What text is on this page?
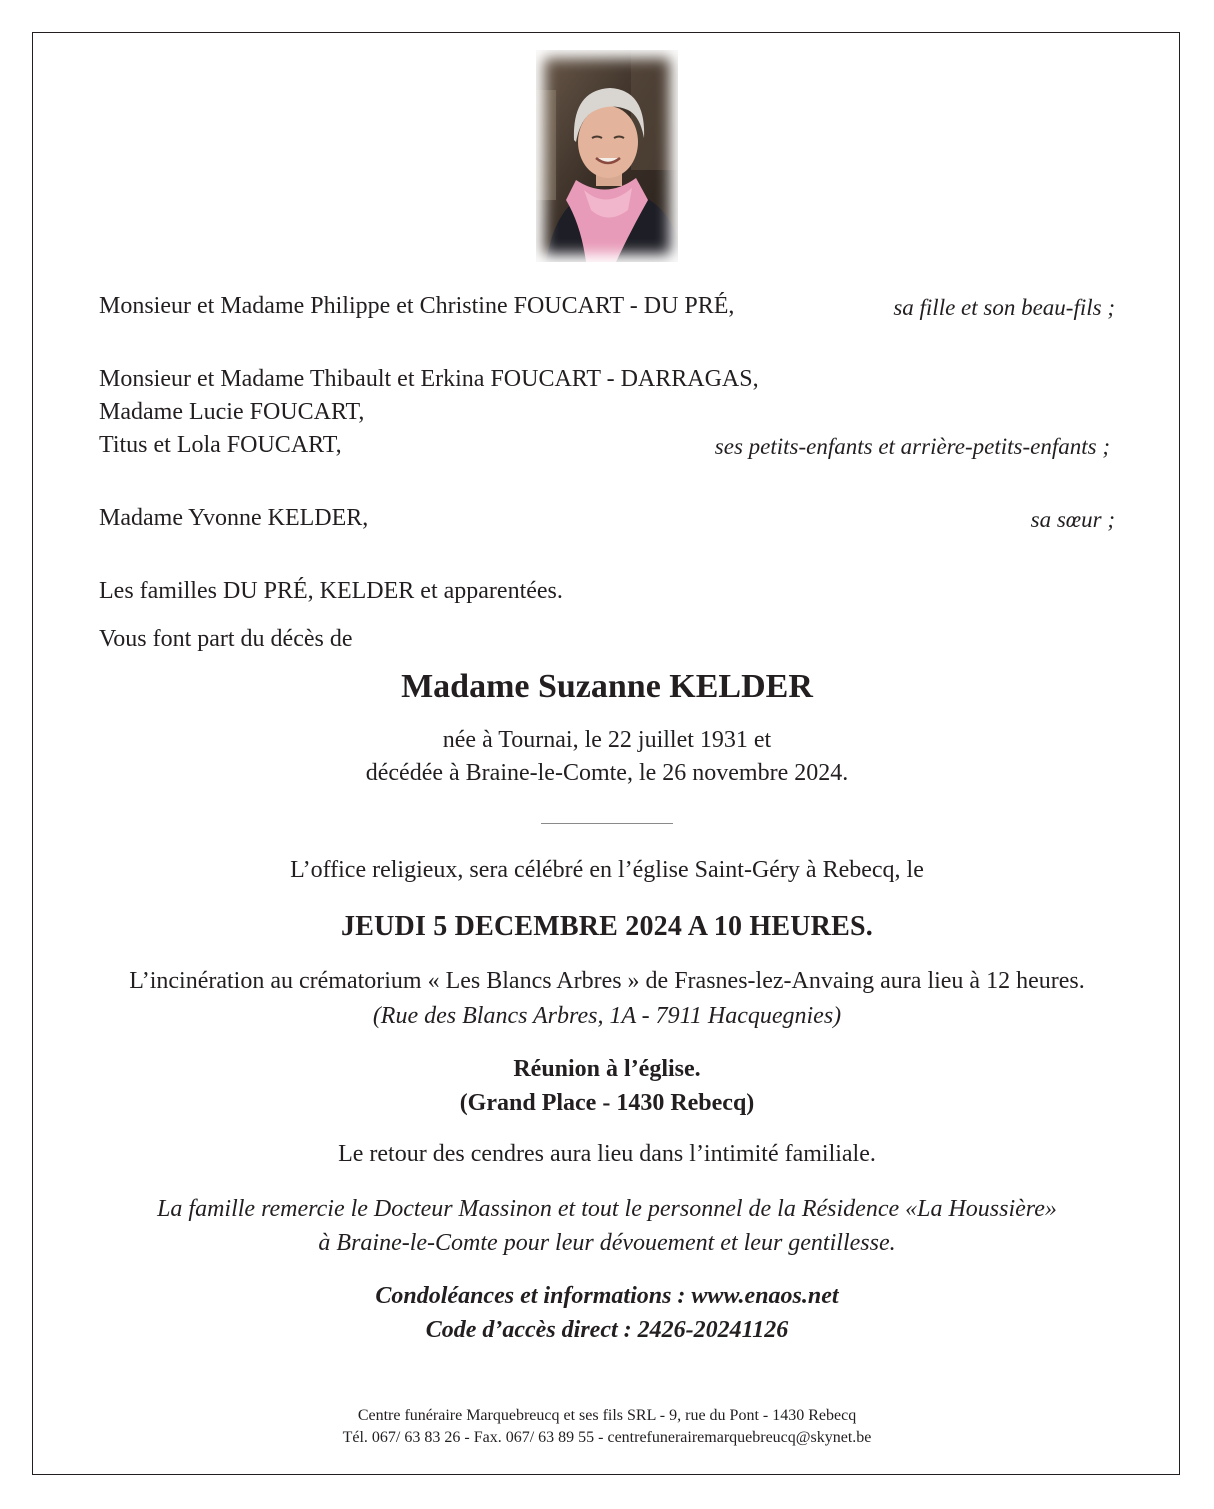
Monsieur et Madame Philippe et Christine FOUCART - DU PRÉ,	sa fille et son beau-fils ;
Monsieur et Madame Thibault et Erkina FOUCART - DARRAGAS,
Madame Lucie FOUCART,
Titus et Lola FOUCART,	ses petits-enfants et arrière-petits-enfants ;
Madame Yvonne KELDER,	sa sœur ;
Les familles DU PRÉ, KELDER et apparentées.
Vous font part du décès de
Madame Suzanne KELDER
née à Tournai, le 22 juillet 1931 et
décédée à Braine-le-Comte, le 26 novembre 2024.
L’office religieux, sera célébré en l’église Saint-Géry à Rebecq, le
JEUDI 5 DECEMBRE 2024 A 10 HEURES.
L’incinération au crématorium « Les Blancs Arbres » de Frasnes-lez-Anvaing aura lieu à 12 heures.
(Rue des Blancs Arbres, 1A - 7911 Hacquegnies)
Réunion à l’église.
(Grand Place - 1430 Rebecq)
Le retour des cendres aura lieu dans l’intimité familiale.
La famille remercie le Docteur Massinon et tout le personnel de la Résidence «La Houssière»
à Braine-le-Comte pour leur dévouement et leur gentillesse.
Condoléances et informations : www.enaos.net
Code d’accès direct : 2426-20241126
Centre funéraire Marquebreucq et ses fils SRL - 9, rue du Pont - 1430 Rebecq
Tél. 067/ 63 83 26 - Fax. 067/ 63 89 55 - centrefunerairemarquebreucq@skynet.be
